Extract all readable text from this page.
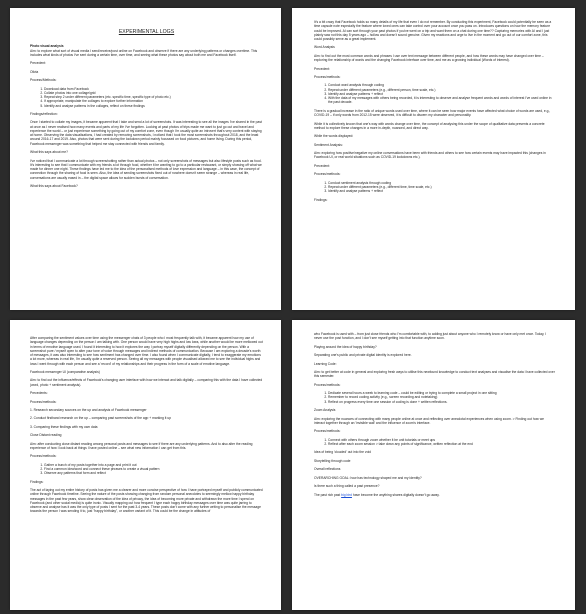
EXPERIMENTAL LOGS

Photo visual analysis

Aim: to explore what sort of visual media I send/receive/post online on Facebook and observe if there are any underlying patterns or changes overtime. This includes what kinds of photos I've sent during a certain time, over time, and seeing what these photos say about both me and Facebook itself.

Precedent:

Olivia

Process/Methods:

1. Download data from Facebook
2. Collate photos into one collage/grid
3. Repeat step 2 under different parameters (etc. specific time, specific type of photo etc.)
4. If appropriate, manipulate the collages to explore further information
5. Identify and analyse patterns in the collages, reflect on these findings

Findings/reflection:

Once I started to collate my images, it became apparent that I take and send a lot of screenshots. It was interesting to see all the images I've shared in the past at once as I never realised how many events and parts of my life I've forgotten. Looking at past photos of trips made me want to just go out and travel and experience the world – or just experience something by going out of my comfort zone, even though I'm usually quite an introvert that's very content with staying at home. Observing the data visualisations, I had created by removing screenshots, I noticed that I took the most screenshots throughout 2018, and the least around 2016-17 and 2019. Also, photos that were sent during the lockdown period mainly focussed on food pictures, and home living. During this period, Facebook messenger was something that helped me stay connected with friends and family.

What this says about me?

I've noticed that I communicate a lot through screenshotting rather than actual photos – not only screenshots of messages but also lifestyle posts such as food. It's interesting to see that I communicate with my friends a lot through food, whether it be wanting to go to a particular restaurant, or simply showing off what we made for dinner one night. These findings have led me to the idea of the personalised methods of love expression and language – in this case, the concept of connection through the sharing of food is seen. Also, the idea of sending screenshots fixed out of nowhere doesn't seem strange – whereas in real life, conversations are usually eased in – the digital space allows for sudden bursts of conversation.

What this says about Facebook?

It's a bit crazy that Facebook holds so many details of my life that even I do not remember. By conducting this experiment, Facebook could potentially be seen as a time capsule note especially the feature where loved ones can take control over your account once you pass on. Introduces questions on how the memory feature could be improved. AI can sort through your past photos if you've went on a trip and want them on a chat during one time?? Capturing memories with AI and I just plainly saw not this day 5 years ago – hollow and doesn't sound genuine. Given my reactions and urge to live in the moment and go out of our comfort zone, this could possibly serve as a great implement.

Word Analysis

Aim: to find out the most common words and phrases I use over text message between different people, and how these words may have changed over time – exploring the relationship of words and the changing Facebook interface over time, and me as a growing individual (Words of interest).

Precedent:

Process/methods:

1. Conduct word analysis through coding
2. Repeat under different parameters (e.g., different person, time scale, etc.)
3. Identify and analyse patterns + reflect
4. With the data of my messages with others being recorded, it is interesting to observe and analyse frequent words and words of interest I've used online in the past decade.

There is a gradual increase in the ratio of unique words used over time, where it can be seen how major events have affected what choice of words are used, e.g., COVID-19 – if only words from 2012-15 were observed, it is difficult to discern my character and personality.

While it is collectively known that one's way with words change over time, the concept of analysing this under the scope of qualitative data presents a concrete method to explore these changes in a more in-depth, nuanced, and direct way.

While the words displayed:

Sentiment Analysis:

Aim: exploring how positive/negative my online conversations have been with friends and others to see how certain events may have impacted this (changes in Facebook UI, or real world situations such as COVID-19 lockdowns etc.).

Precedent:

Process/methods:

1. Conduct sentiment analysis through coding
2. Repeat under different parameters (e.g., different time, time scale, etc.)
3. Identify and analyse patterns + reflect

Findings:

After comparing the sentiment values over time using the messenger chats of 3 people who I most frequently talk with, it became apparent how my use of language changes depending on the person I am talking with. One person would have very high highs and low lows, while another would be more mellowed out in terms of emotive language used. I found it interesting to how it explores the way I portray myself digitally differently depending on the person. With a screenshot pure / myself open to alter your tone of voice through messages and indirect methods of communication. Because I am exploring a decade's worth of messages, it was also interesting to see how sentiment has changed over time. I also found when I communicate digitally, I tend to exaggerate my emotions a lot more, whereas in real life, I'm usually quite a reserved person. Seeing all my messages with people visualised allowed me to see the individual highs and lows I went through with each person and see a 'record' of my relationships and their progress in the form of a scale of emotive language.

Facebook messenger UI (comparative analysis)

Aim: to find out the influence/effects of Facebook's changing user interface with how we interact and talk digitally – comparing this with the data I have collected (word, photo + sentiment analysis).

Precedents:

Process/methods:

1. Research secondary sources on the up and analysis of Facebook messenger

2. Conduct firsthand research on the up – comparing past screenshots of the app + marking it up

3. Comparing these findings with my own data

Close Distant reading

Aim: after conducting close distant reading among personal posts and messages to see if there are any underlying patterns. And to also alter the reading experience of how I look back at things I have posted online – see what new information I can get from this.

Process/methods:

1. Gather a bunch of my posts together into a page and print it out
2. Find a common idea/word and connect these phrases to create a visual pattern
3. Observe any patterns that form and reflect

Findings:

The act of laying out my entire history of posts has given me a clearer and more concise perspective of how I have portrayed myself and publicly communicated online through Facebook timeline. Seeing the nature of the posts showing changing from random personal anecdotes to seemingly mellow happy birthday messages in the past few years, show clear observation of the idea of privacy, the idea of becoming more private and withdrawn the more time I spend on Facebook (and other social media) is quite ironic. Visually mapping out how frequent I type each happy birthday messages over time was quite jarring to observe and analyse has it was the only type of posts I sent for the past 3-4 years. These posts don't come with any further writing to personalise the message towards the person I was sending it to, just "happy birthday", or another variant of it. This could be the change in attitudes of

who Facebook is used with – from just close friends who I'm comfortable with, to adding just about anyone who I remotely know or have only met once. Today, I never use the post function, and I don't see myself getting into that function anytime soon.

Playing around the idea of happy birthday?

Separating one's public and private digital identity is explored here.

Learning Code:

Aim: to get better at code in general and exploring fresh ways to utilise this newfound knowledge to conduct text analyses and visualise the data I have collected over this semester.

Process/methods:

1. Dedicate several hours a week to learning code – could be editing or trying to complete a small project in one sitting
2. Remember to record coding activity (e.g., screen recording and notetaking)
3. Reflect on progress every time one session of coding is done + written reflections.

Zoom Analysis

Aim: exploring the nuances of connecting with many people online at once and reflecting over anecdotal experiences when using zoom. > Finding out how we interact together through an 'invisible wall' and the influence of zoom's interface.

Process/methods:

1. Connect with others through zoom whether it be unit tutorials or meet ups
2. Reflect after each zoom session > take down any points of significance, written reflection at the end

Idea of being 'clouded' out into the void

Storytelling through code

Overall reflections

OVERARCHING GOAL: how has technology shaped me and my identity?

Is there such a thing called a past presence?

The past rich past big bird have become the anything shares digitally doesn't go away.
